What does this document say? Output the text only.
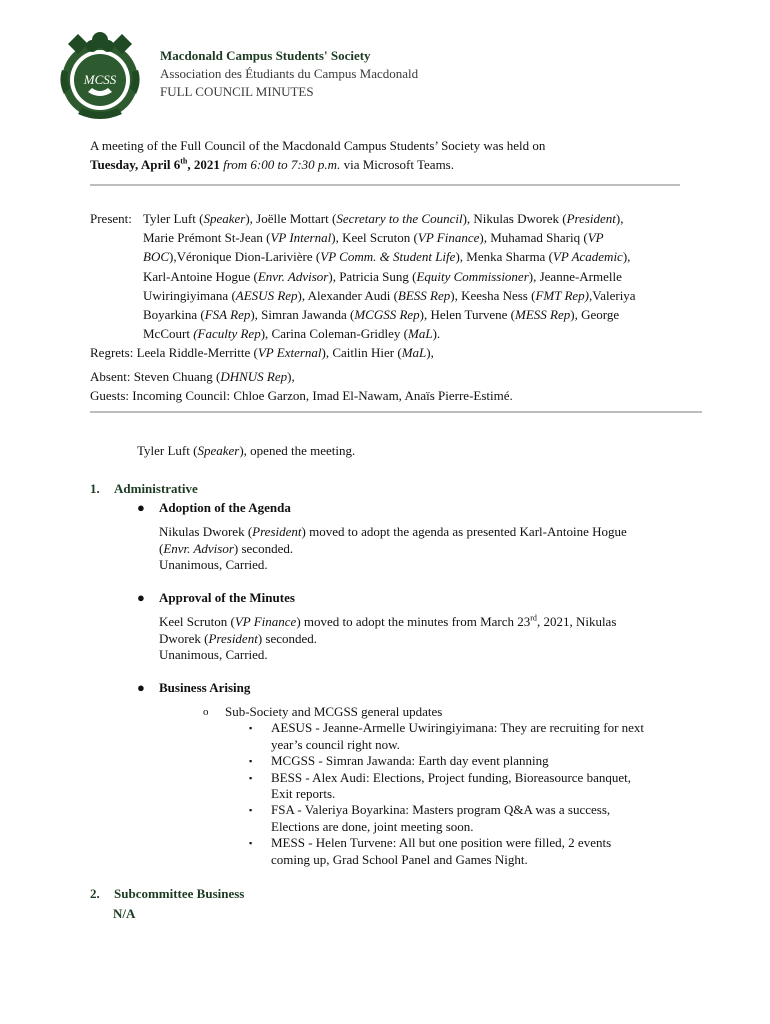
MCSS
Macdonald Campus Students' Society
Association des Étudiants du Campus Macdonald
FULL COUNCIL MINUTES
A meeting of the Full Council of the Macdonald Campus Students’ Society was held on
Tuesday, April 6th, 2021 from 6:00 to 7:30 p.m. via Microsoft Teams.
Present: Tyler Luft (Speaker), Joëlle Mottart (Secretary to the Council), Nikulas Dworek (President),
Marie Prémont St-Jean (VP Internal), Keel Scruton (VP Finance), Muhamad Shariq (VP
BOC),Véronique Dion-Larivière (VP Comm. & Student Life), Menka Sharma (VP Academic),
Karl-Antoine Hogue (Envr. Advisor), Patricia Sung (Equity Commissioner), Jeanne-Armelle
Uwiringiyimana (AESUS Rep), Alexander Audi (BESS Rep), Keesha Ness (FMT Rep),Valeriya
Boyarkina (FSA Rep), Simran Jawanda (MCGSS Rep), Helen Turvene (MESS Rep), George
McCourt (Faculty Rep), Carina Coleman-Gridley (MaL).
Regrets: Leela Riddle-Merritte (VP External), Caitlin Hier (MaL),
Absent: Steven Chuang (DHNUS Rep),
Guests: Incoming Council: Chloe Garzon, Imad El-Nawam, Anaïs Pierre-Estimé.
Tyler Luft (Speaker), opened the meeting.
1. Administrative
● Adoption of the Agenda
Nikulas Dworek (President) moved to adopt the agenda as presented Karl-Antoine Hogue
(Envr. Advisor) seconded.
Unanimous, Carried.
● Approval of the Minutes
Keel Scruton (VP Finance) moved to adopt the minutes from March 23rd, 2021, Nikulas
Dworek (President) seconded.
Unanimous, Carried.
● Business Arising
o	Sub-Society and MCGSS general updates
▪	AESUS - Jeanne-Armelle Uwiringiyimana: They are recruiting for next
year’s council right now.
▪	MCGSS - Simran Jawanda: Earth day event planning
▪	BESS - Alex Audi: Elections, Project funding, Bioreasource banquet,
Exit reports.
▪	FSA - Valeriya Boyarkina: Masters program Q&A was a success,
Elections are done, joint meeting soon.
▪	MESS - Helen Turvene: All but one position were filled, 2 events
coming up, Grad School Panel and Games Night.
2. Subcommittee Business
N/A
